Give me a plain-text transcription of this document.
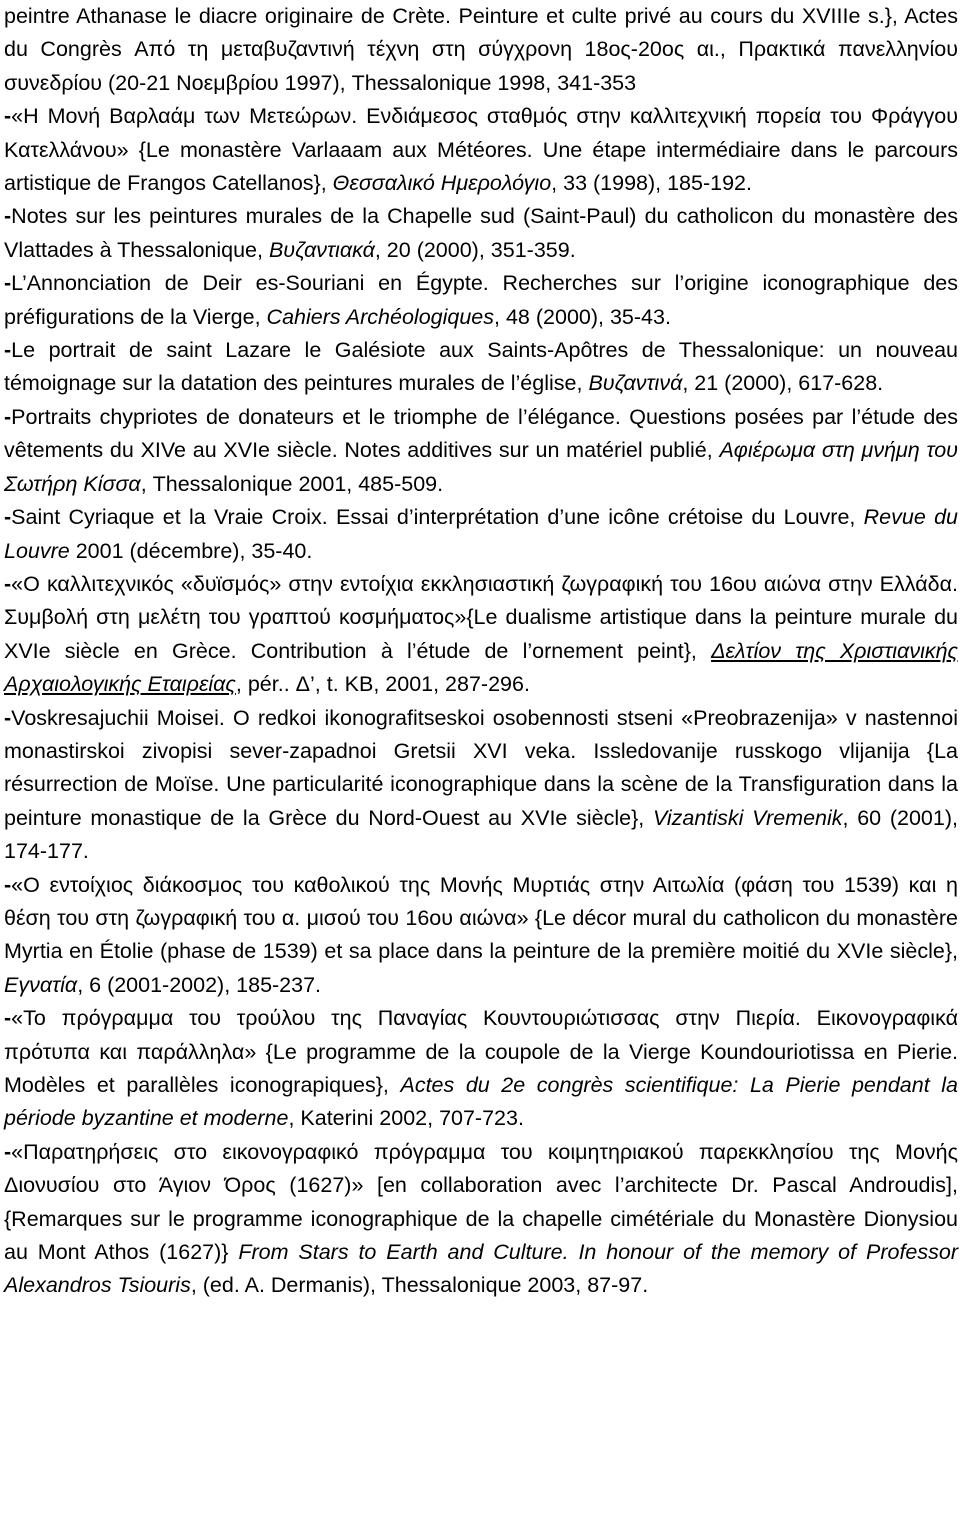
peintre Athanase le diacre originaire de Crète. Peinture et culte privé au cours du XVIIIe s.}, Actes du Congrès Από τη μεταβυζαντινή τέχνη στη σύγχρονη 18ος-20ος αι., Πρακτικά πανελληνίου συνεδρίου (20-21 Νοεμβρίου 1997), Thessalonique 1998, 341-353

-«Η Μονή Βαρλαάμ των Μετεώρων. Ενδιάμεσος σταθμός στην καλλιτεχνική πορεία του Φράγγου Κατελλάνου» {Le monastère Varlaaam aux Météores. Une étape intermédiaire dans le parcours artistique de Frangos Catellanos}, Θεσσαλικό Ημερολόγιο, 33 (1998), 185-192.

-Notes sur les peintures murales de la Chapelle sud (Saint-Paul) du catholicon du monastère des Vlattades à Thessalonique, Βυζαντιακά, 20 (2000), 351-359.

-L’Annonciation de Deir es-Souriani en Égypte. Recherches sur l’origine iconographique des préfigurations de la Vierge, Cahiers Archéologiques, 48 (2000), 35-43.

-Le portrait de saint Lazare le Galésiote aux Saints-Apôtres de Thessalonique: un nouveau témoignage sur la datation des peintures murales de l’église, Βυζαντινά, 21 (2000), 617-628.

-Portraits chypriotes de donateurs et le triomphe de l’élégance. Questions posées par l’étude des vêtements du XIVe au XVIe siècle. Notes additives sur un matériel publié, Αφιέρωμα στη μνήμη του Σωτήρη Κίσσα, Thessalonique 2001, 485-509.

-Saint Cyriaque et la Vraie Croix. Essai d’interprétation d’une icône crétoise du Louvre, Revue du Louvre 2001 (décembre), 35-40.

-«Ο καλλιτεχνικός «δυϊσμός» στην εντοίχια εκκλησιαστική ζωγραφική του 16ου αιώνα στην Ελλάδα. Συμβολή στη μελέτη του γραπτού κοσμήματος»{Le dualisme artistique dans la peinture murale du XVIe siècle en Grèce. Contribution à l’étude de l’ornement peint}, Δελτίον της Χριστιανικής Αρχαιολογικής Εταιρείας, pér.. Δ’, t. KB, 2001, 287-296.

-Voskresajuchii Moisei. O redkoi ikonografitseskoi osobennosti stseni «Preobrazenija» v nastennoi monastirskoi zivopisi sever-zapadnoi Gretsii XVI veka. Issledovanije russkogo vlijanija {La résurrection de Moïse. Une particularité iconographique dans la scène de la Transfiguration dans la peinture monastique de la Grèce du Nord-Ouest au XVIe siècle}, Vizantiski Vremenik, 60 (2001), 174-177.

-«Ο εντοίχιος διάκοσμος του καθολικού της Μονής Μυρτιάς στην Αιτωλία (φάση του 1539) και η θέση του στη ζωγραφική του α. μισού του 16ου αιώνα» {Le décor mural du catholicon du monastère Myrtia en Étolie (phase de 1539) et sa place dans la peinture de la première moitié du XVIe siècle}, Εγνατία, 6 (2001-2002), 185-237.

-«Το πρόγραμμα του τρούλου της Παναγίας Κουντουριώτισσας στην Πιερία. Εικονογραφικά πρότυπα και παράλληλα» {Le programme de la coupole de la Vierge Koundouriotissa en Pierie. Modèles et parallèles iconograpiques}, Actes du 2e congrès scientifique: La Pierie pendant la période byzantine et moderne, Katerini 2002, 707-723.

-«Παρατηρήσεις στο εικονογραφικό πρόγραμμα του κοιμητηριακού παρεκκλησίου της Μονής Διονυσίου στο Άγιον Όρος (1627)» [en collaboration avec l’architecte Dr. Pascal Androudis], {Remarques sur le programme iconographique de la chapelle cimétériale du Monastère Dionysiou au Mont Athos (1627)} From Stars to Earth and Culture. In honour of the memory of Professor Alexandros Tsiouris, (ed. A. Dermanis), Thessalonique 2003, 87-97.
